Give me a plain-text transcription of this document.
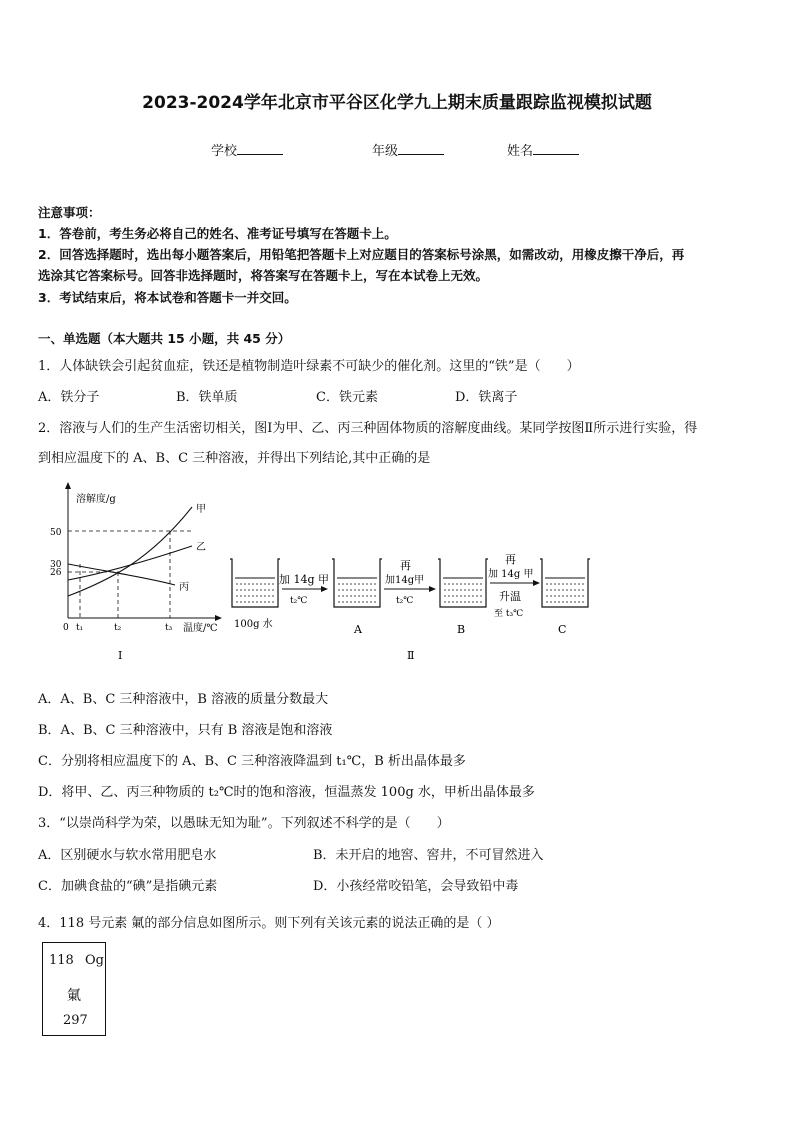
2023-2024学年北京市平谷区化学九上期末质量跟踪监视模拟试题
学校	年级	姓名
注意事项：
1．答卷前，考生务必将自己的姓名、准考证号填写在答题卡上。
2．回答选择题时，选出每小题答案后，用铅笔把答题卡上对应题目的答案标号涂黑，如需改动，用橡皮擦干净后，再
选涂其它答案标号。回答非选择题时，将答案写在答题卡上，写在本试卷上无效。
3．考试结束后，将本试卷和答题卡一并交回。
一、单选题（本大题共 15 小题，共 45 分）
1．人体缺铁会引起贫血症，铁还是植物制造叶绿素不可缺少的催化剂。这里的“铁”是（　　）
A．铁分子	B．铁单质	C．铁元素	D．铁离子
2．溶液与人们的生产生活密切相关，图Ⅰ为甲、乙、丙三种固体物质的溶解度曲线。某同学按图Ⅱ所示进行实验，得
到相应温度下的 A、B、C 三种溶液，并得出下列结论,其中正确的是
溶解度/g
温度/℃
50
30
26
0 t₁	t₂	t₃
甲
乙
丙
Ⅰ
100g 水
加 14g 甲
t₂℃
A
再
加14g甲
t₂℃
B
再
加 14g 甲
升温
至 t₃℃
C
Ⅱ
A．A、B、C 三种溶液中，B 溶液的质量分数最大
B．A、B、C 三种溶液中，只有 B 溶液是饱和溶液
C．分别将相应温度下的 A、B、C 三种溶液降温到 t₁℃，B 析出晶体最多
D．将甲、乙、丙三种物质的 t₂℃时的饱和溶液，恒温蒸发 100g 水，甲析出晶体最多
3．“以崇尚科学为荣，以愚昧无知为耻”。下列叙述不科学的是（　　）
A．区别硬水与软水常用肥皂水	B．未开启的地窖、窖井，不可冒然进入
C．加碘食盐的“碘”是指碘元素	D．小孩经常咬铅笔，会导致铅中毒
4．118 号元素 氭的部分信息如图所示。则下列有关该元素的说法正确的是（ ）
118 Og
氭
297
